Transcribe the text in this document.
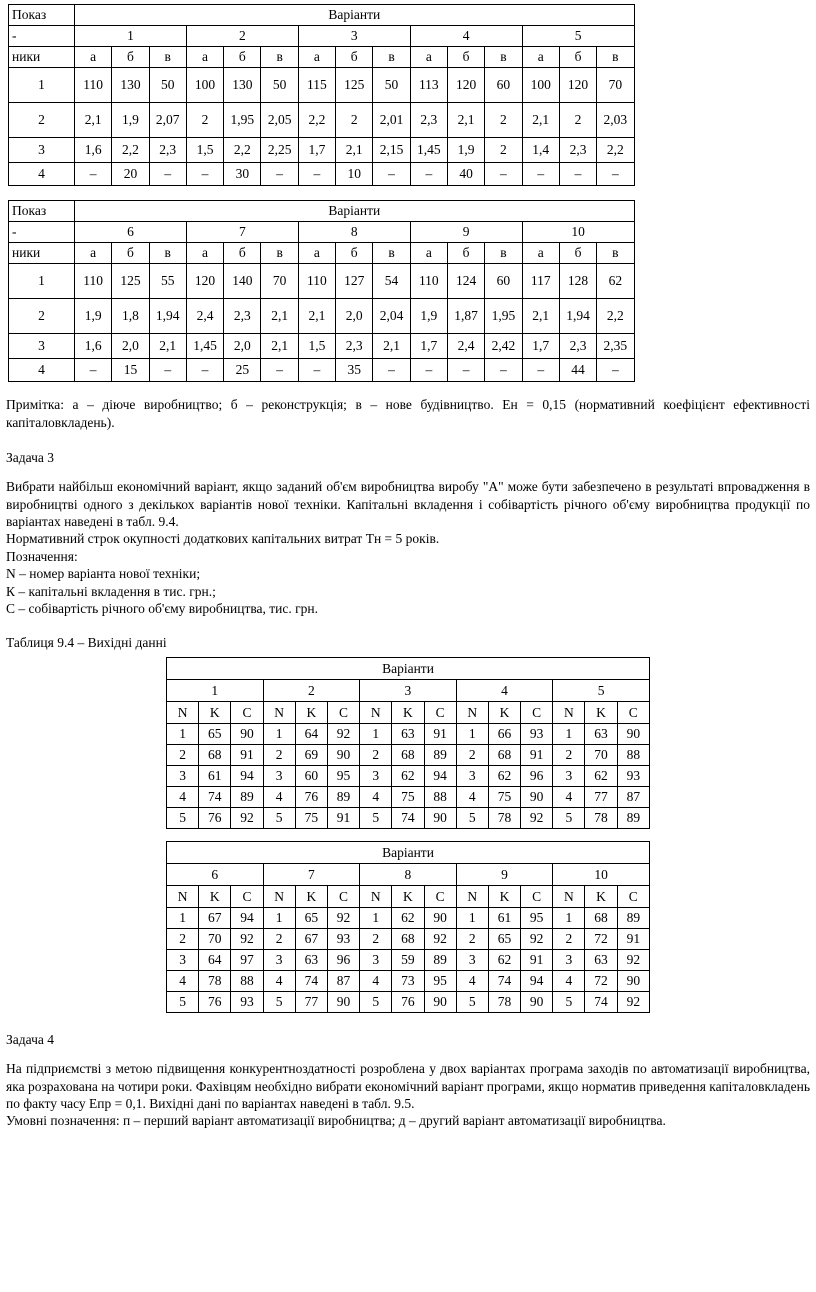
Показ	Варіанти														
-	1			2			3			4			5		
ники	а	б	в	а	б	в	а	б	в	а	б	в	а	б	в
1	110	130	50	100	130	50	115	125	50	113	120	60	100	120	70
2	2,1	1,9	2,07	2	1,95	2,05	2,2	2	2,01	2,3	2,1	2	2,1	2	2,03
3	1,6	2,2	2,3	1,5	2,2	2,25	1,7	2,1	2,15	1,45	1,9	2	1,4	2,3	2,2
4	–	20	–	–	30	–	–	10	–	–	40	–	–	–	–
Показ	Варіанти														
-	6			7			8			9			10		
ники	а	б	в	а	б	в	а	б	в	а	б	в	а	б	в
1	110	125	55	120	140	70	110	127	54	110	124	60	117	128	62
2	1,9	1,8	1,94	2,4	2,3	2,1	2,1	2,0	2,04	1,9	1,87	1,95	2,1	1,94	2,2
3	1,6	2,0	2,1	1,45	2,0	2,1	1,5	2,3	2,1	1,7	2,4	2,42	1,7	2,3	2,35
4	–	15	–	–	25	–	–	35	–	–	–	–	–	44	–

Примітка: а – діюче виробництво; б – реконструкція; в – нове будівництво. Eн = 0,15 (нормативний коефіцієнт ефективності капіталовкладень).

Задача 3

Вибрати найбільш економічний варіант, якщо заданий об'єм виробництва виробу "А" може бути забезпечено в результаті впровадження в виробництві одного з декількох варіантів нової техніки. Капітальні вкладення і собівартість річного об'єму виробництва продукції по варіантах наведені в табл. 9.4.

Нормативний строк окупності додаткових капітальних витрат Тн = 5 років.
Позначення:
N – номер варіанта нової техніки;
К – капітальні вкладення в тис. грн.;
С – собівартість річного об'єму виробництва, тис. грн.

Таблиця 9.4 – Вихідні данні

Варіанти														
1			2			3			4			5		
N	K	C	N	K	C	N	K	C	N	K	C	N	K	C
1	65	90	1	64	92	1	63	91	1	66	93	1	63	90
2	68	91	2	69	90	2	68	89	2	68	91	2	70	88
3	61	94	3	60	95	3	62	94	3	62	96	3	62	93
4	74	89	4	76	89	4	75	88	4	75	90	4	77	87
5	76	92	5	75	91	5	74	90	5	78	92	5	78	89
Варіанти														
6			7			8			9			10		
N	K	C	N	K	C	N	K	C	N	K	C	N	K	C
1	67	94	1	65	92	1	62	90	1	61	95	1	68	89
2	70	92	2	67	93	2	68	92	2	65	92	2	72	91
3	64	97	3	63	96	3	59	89	3	62	91	3	63	92
4	78	88	4	74	87	4	73	95	4	74	94	4	72	90
5	76	93	5	77	90	5	76	90	5	78	90	5	74	92

Задача 4

На підприємстві з метою підвищення конкурентноздатності розроблена у двох варіантах програма заходів по автоматизації виробництва, яка розрахована на чотири роки. Фахівцям необхідно вибрати економічний варіант програми, якщо норматив приведення капіталовкладень по факту часу Eпр = 0,1. Вихідні дані по варіантах наведені в табл. 9.5.

Умовні позначення: п – перший варіант автоматизації виробництва; д – другий варіант автоматизації виробництва.
